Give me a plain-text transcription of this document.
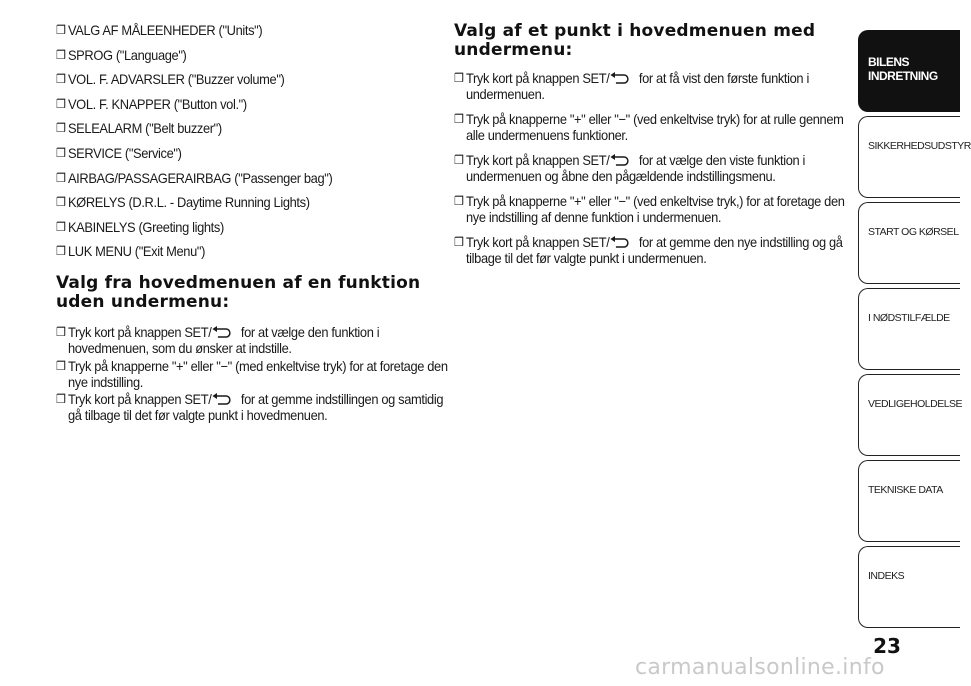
❒ VALG AF MÅLEENHEDER ("Units")
❒ SPROG ("Language")
❒ VOL. F. ADVARSLER ("Buzzer volume")
❒ VOL. F. KNAPPER ("Button vol.")
❒ SELEALARM ("Belt buzzer")
❒ SERVICE ("Service")
❒ AIRBAG/PASSAGERAIRBAG ("Passenger bag")
❒ KØRELYS (D.R.L. - Daytime Running Lights)
❒ KABINELYS (Greeting lights)
❒ LUK MENU ("Exit Menu")
Valg fra hovedmenuen af en funktion uden undermenu:
❒ Tryk kort på knappen SET/ for at vælge den funktion i hovedmenuen, som du ønsker at indstille.
❒ Tryk på knapperne "+" eller "−" (med enkeltvise tryk) for at foretage den nye indstilling.
❒ Tryk kort på knappen SET/ for at gemme indstillingen og samtidig gå tilbage til det før valgte punkt i hovedmenuen.
Valg af et punkt i hovedmenuen med undermenu:
❒ Tryk kort på knappen SET/ for at få vist den første funktion i undermenuen.
❒ Tryk på knapperne "+" eller "−" (ved enkeltvise tryk) for at rulle gennem alle undermenuens funktioner.
❒ Tryk kort på knappen SET/ for at vælge den viste funktion i undermenuen og åbne den pågældende indstillingsmenu.
❒ Tryk på knapperne "+" eller "−" (ved enkeltvise tryk,) for at foretage den nye indstilling af denne funktion i undermenuen.
❒ Tryk kort på knappen SET/ for at gemme den nye indstilling og gå tilbage til det før valgte punkt i undermenuen.
BILENS
INDRETNING
SIKKERHEDSUDSTYR
START OG KØRSEL
I NØDSTILFÆLDE
VEDLIGEHOLDELSE
TEKNISKE DATA
INDEKS
23
carmanualsonline.info
